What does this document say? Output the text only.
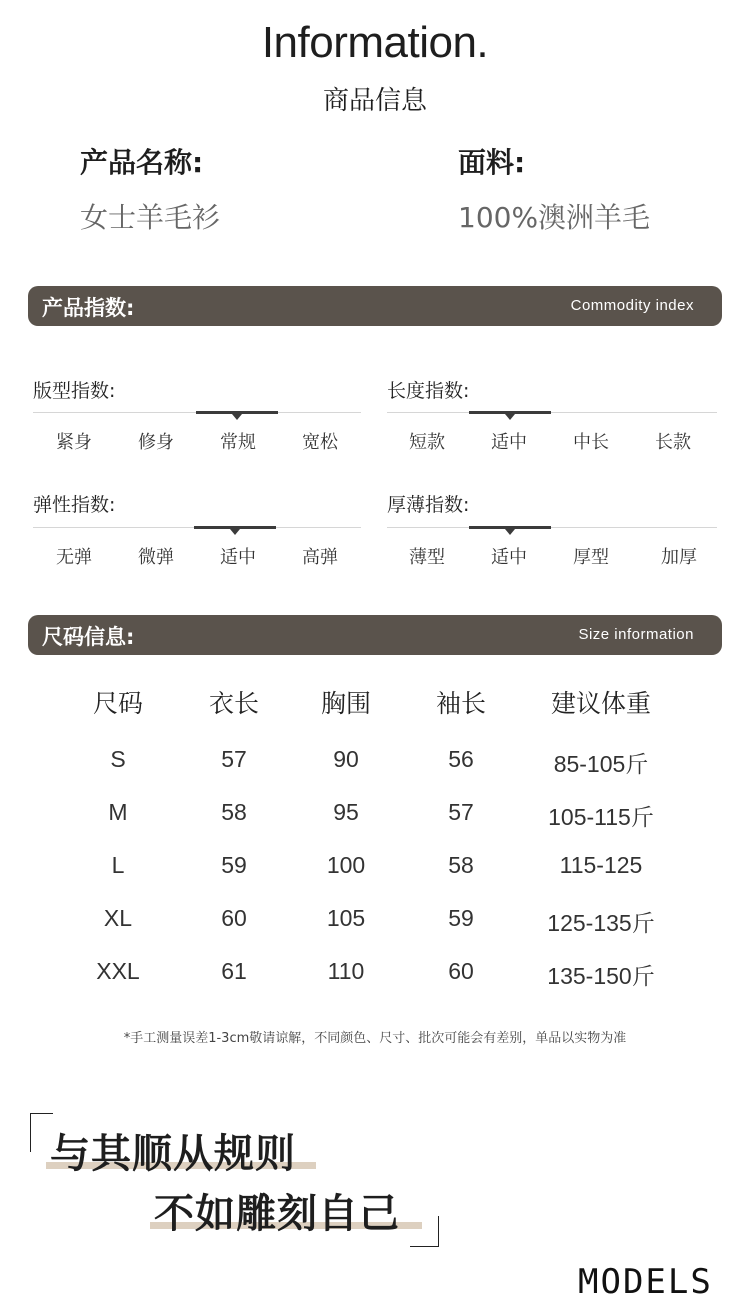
Information.
商品信息
产品名称:
女士羊毛衫
面料:
100%澳洲羊毛
产品指数:	Commodity index
版型指数:
紧身	修身	常规	宽松
长度指数:
短款	适中	中长	长款
弹性指数:
无弹	微弹	适中	高弹
厚薄指数:
薄型	适中	厚型	加厚
尺码信息:	Size information
尺码	衣长	胸围	袖长	建议体重
S	57	90	56	85-105斤
M	58	95	57	105-115斤
L	59	100	58	115-125
XL	60	105	59	125-135斤
XXL	61	110	60	135-150斤
*手工测量误差1-3cm敬请谅解，不同颜色、尺寸、批次可能会有差别，单品以实物为准
与其顺从规则
不如雕刻自己
MODELS
